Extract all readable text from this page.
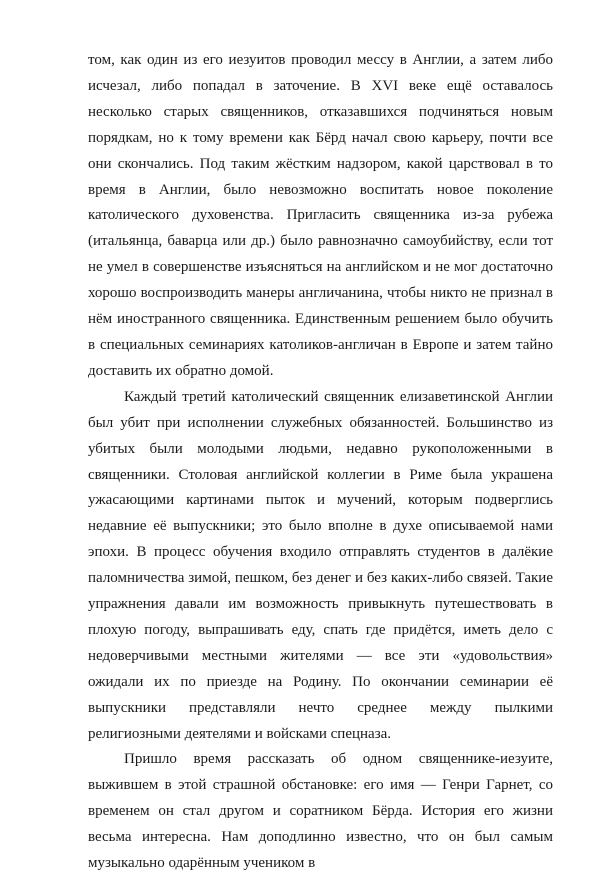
том, как один из его иезуитов проводил мессу в Англии, а затем либо исчезал, либо попадал в заточение. В XVI веке ещё оставалось несколько старых священников, отказавшихся подчиняться новым порядкам, но к тому времени как Бёрд начал свою карьеру, почти все они скончались. Под таким жёстким надзором, какой царствовал в то время в Англии, было невозможно воспитать новое поколение католического духовенства. Пригласить священника из-за рубежа (итальянца, баварца или др.) было равнозначно самоубийству, если тот не умел в совершенстве изъясняться на английском и не мог достаточно хорошо воспроизводить манеры англичанина, чтобы никто не признал в нём иностранного священника. Единственным решением было обучить в специальных семинариях католиков-англичан в Европе и затем тайно доставить их обратно домой.

Каждый третий католический священник елизаветинской Англии был убит при исполнении служебных обязанностей. Большинство из убитых были молодыми людьми, недавно рукоположенными в священники. Столовая английской коллегии в Риме была украшена ужасающими картинами пыток и мучений, которым подверглись недавние её выпускники; это было вполне в духе описываемой нами эпохи. В процесс обучения входило отправлять студентов в далёкие паломничества зимой, пешком, без денег и без каких-либо связей. Такие упражнения давали им возможность привыкнуть путешествовать в плохую погоду, выпрашивать еду, спать где придётся, иметь дело с недоверчивыми местными жителями — все эти «удовольствия» ожидали их по приезде на Родину. По окончании семинарии её выпускники представляли нечто среднее между пылкими религиозными деятелями и войсками спецназа.

Пришло время рассказать об одном священнике-иезуите, выжившем в этой страшной обстановке: его имя — Генри Гарнет, со временем он стал другом и соратником Бёрда. История его жизни весьма интересна. Нам доподлинно известно, что он был самым музыкально одарённым учеником в
